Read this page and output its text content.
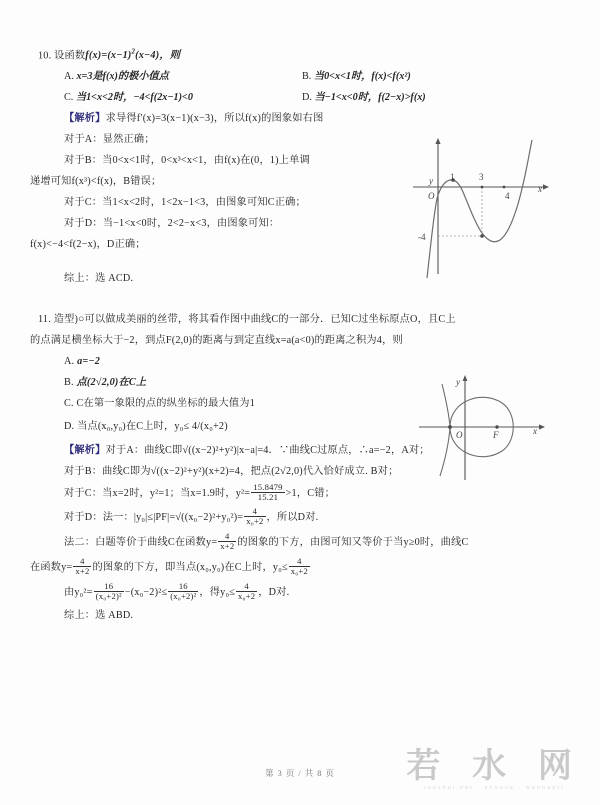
10. 设函数$f(x)=(x-1)^2(x-4)$，则
A. x=3是f(x)的极小值点	B. 当0<x<1时，f(x)<f(x²)
C. 当1<x<2时，−4<f(2x−1)<0	D. 当−1<x<0时，f(2−x)>f(x)
【解析】求导得f′(x)=3(x−1)(x−3)，所以f(x)的图象如右图
对于A：显然正确；
对于B：当0<x<1时，0<x³<x<1，由f(x)在(0，1)上单调
递增可知f(x³)<f(x)，B错误；
对于C：当1<x<2时，1<2x−1<3，由图象可知C正确；
对于D：当−1<x<0时，2<2−x<3，由图象可知：
f(x)<−4<f(2−x)，D正确；
综上：选 ACD.
y
x
O
1	3
4
-4
11. 造型)○可以做成美丽的丝带，将其看作图中曲线C的一部分．已知C过坐标原点O，且C上
的点满足横坐标大于−2，到点F(2,0)的距离与到定直线x=a(a<0)的距离之积为4，则
A. a=−2
B. 点(2√2,0)在C上
C. C在第一象限的点的纵坐标的最大值为1
D. 当点(x₀,y₀)在C上时，y₀≤ 4/(x₀+2)
【解析】对于A：曲线C即√((x−2)²+y²)|x−a|=4．∵曲线C过原点，∴a=−2，A对；
对于B：曲线C即为√((x−2)²+y²)(x+2)=4，把点(2√2,0)代入恰好成立. B对；
对于C：当x=2时，y²=1；当x=1.9时，$y^2= \frac{15.8479}{15.21} >1$，C错；
对于D：法一：$|y_0|\le|PF|=√((x_0-2)^2+y_0^2)= \frac{4}{\text{x₀+2}}$ ，所以D对.
法二：白题等价于曲线C在函数$y= \frac{4}{x+2}$ 的图象的下方，由图可知又等价于当y≥0时，曲线C
在函数$y= \frac{4}{x+2}$ 的图象的下方，即当点(x₀,y₀)在C上时，$y_0\le \frac{4}{\text{x₀+2}}$
由$y_0^2= \frac{16}{\text{(x₀+2)²}} -(x_0-2)^2\le \frac{16}{\text{(x₀+2)²}}$ ，得$y_0\le \frac{4}{\text{x₀+2}}$ ，D对.
综上：选 ABD.
O	F
y
x
第 3 页 / 共 8 页	若 水 网
ruoshui.net · shuxue · wennaoti
